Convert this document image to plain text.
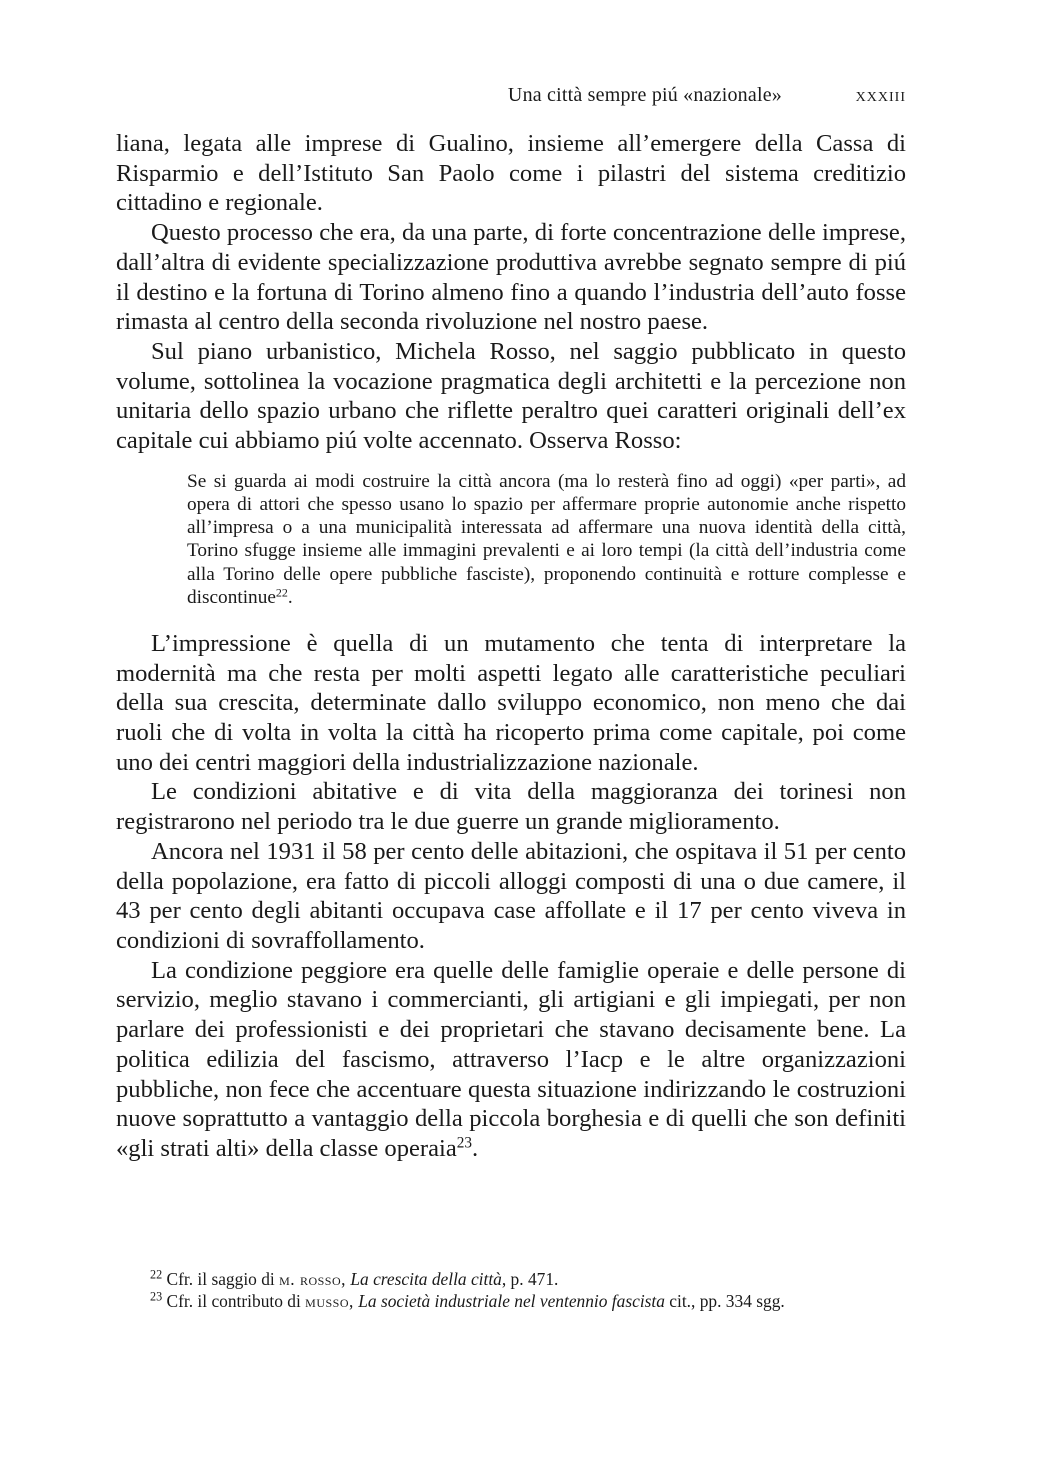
Una città sempre piú «nazionale»	xxxiii

liana, legata alle imprese di Gualino, insieme all’emergere della Cassa di Risparmio e dell’Istituto San Paolo come i pilastri del sistema creditizio cittadino e regionale.

Questo processo che era, da una parte, di forte concentrazione delle imprese, dall’altra di evidente specializzazione produttiva avrebbe segnato sempre di piú il destino e la fortuna di Torino almeno fino a quando l’industria dell’auto fosse rimasta al centro della seconda rivoluzione nel nostro paese.

Sul piano urbanistico, Michela Rosso, nel saggio pubblicato in questo volume, sottolinea la vocazione pragmatica degli architetti e la percezione non unitaria dello spazio urbano che riflette peraltro quei caratteri originali dell’ex capitale cui abbiamo piú volte accennato. Osserva Rosso:

Se si guarda ai modi costruire la città ancora (ma lo resterà fino ad oggi) «per parti», ad opera di attori che spesso usano lo spazio per affermare proprie autonomie anche rispetto all’impresa o a una municipalità interessata ad affermare una nuova identità della città, Torino sfugge insieme alle immagini prevalenti e ai loro tempi (la città dell’industria come alla Torino delle opere pubbliche fasciste), proponendo continuità e rotture complesse e discontinue$^{22}$.

L’impressione è quella di un mutamento che tenta di interpretare la modernità ma che resta per molti aspetti legato alle caratteristiche peculiari della sua crescita, determinate dallo sviluppo economico, non meno che dai ruoli che di volta in volta la città ha ricoperto prima come capitale, poi come uno dei centri maggiori della industrializzazione nazionale.

Le condizioni abitative e di vita della maggioranza dei torinesi non registrarono nel periodo tra le due guerre un grande miglioramento.

Ancora nel 1931 il 58 per cento delle abitazioni, che ospitava il 51 per cento della popolazione, era fatto di piccoli alloggi composti di una o due camere, il 43 per cento degli abitanti occupava case affollate e il 17 per cento viveva in condizioni di sovraffollamento.

La condizione peggiore era quelle delle famiglie operaie e delle persone di servizio, meglio stavano i commercianti, gli artigiani e gli impiegati, per non parlare dei professionisti e dei proprietari che stavano decisamente bene. La politica edilizia del fascismo, attraverso l’Iacp e le altre organizzazioni pubbliche, non fece che accentuare questa situazione indirizzando le costruzioni nuove soprattutto a vantaggio della piccola borghesia e di quelli che son definiti «gli strati alti» della classe operaia$^{23}$.

$^{22}$ Cfr. il saggio di m. rosso, La crescita della città, p. 471.

$^{23}$ Cfr. il contributo di musso, La società industriale nel ventennio fascista cit., pp. 334 sgg.
